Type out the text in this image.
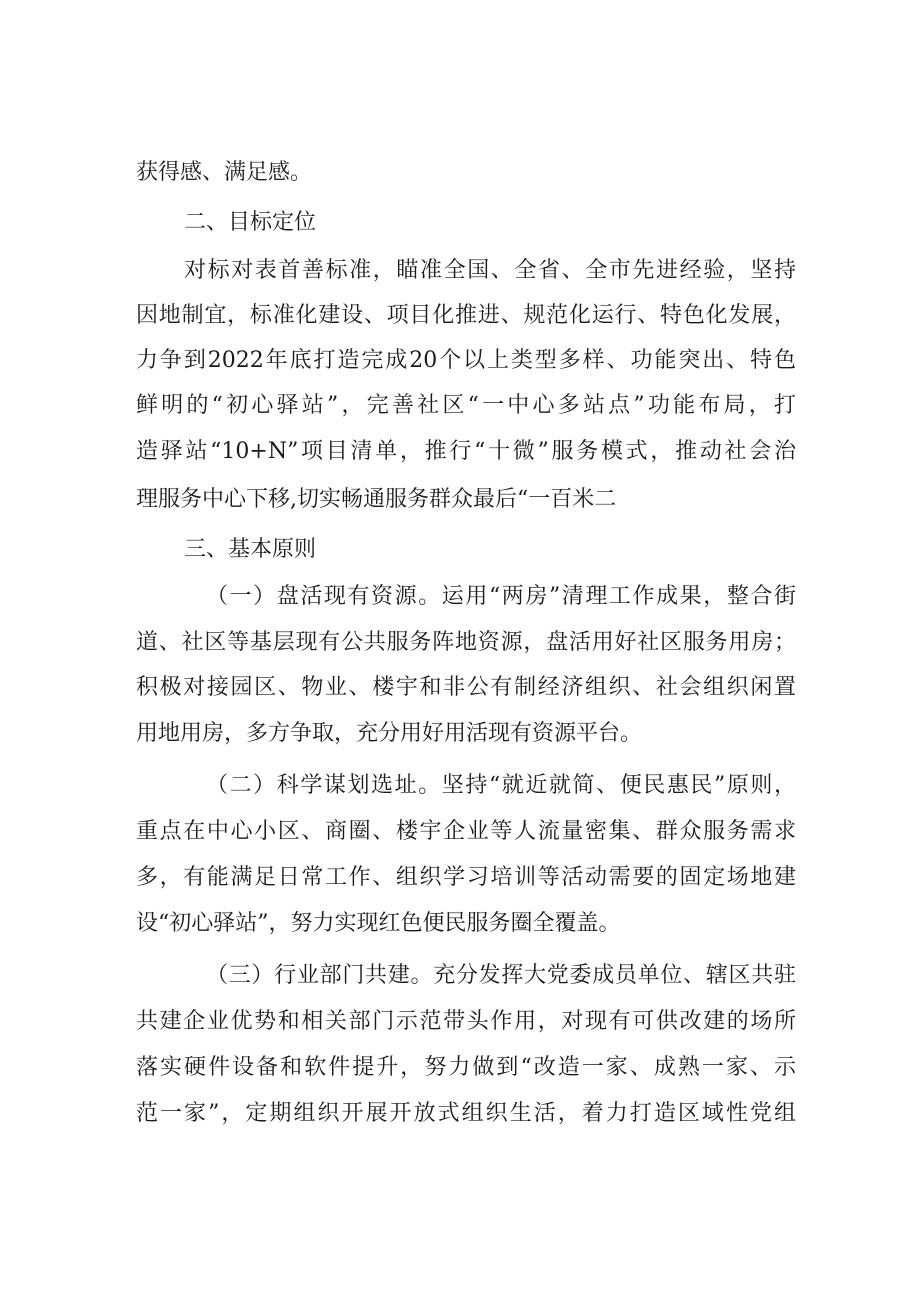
获得感、满足感。

二、目标定位

对标对表首善标准，瞄准全国、全省、全市先进经验，坚持

因地制宜，标准化建设、项目化推进、规范化运行、特色化发展，

力争到2022年底打造完成20个以上类型多样、功能突出、特色

鲜明的“初心驿站”，完善社区“一中心多站点”功能布局，打

造驿站“10+N”项目清单，推行“十微”服务模式，推动社会治

理服务中心下移,切实畅通服务群众最后“一百米二

三、基本原则

（一）盘活现有资源。运用“两房”清理工作成果，整合街

道、社区等基层现有公共服务阵地资源，盘活用好社区服务用房；

积极对接园区、物业、楼宇和非公有制经济组织、社会组织闲置

用地用房，多方争取，充分用好用活现有资源平台。

（二）科学谋划选址。坚持“就近就简、便民惠民”原则，

重点在中心小区、商圈、楼宇企业等人流量密集、群众服务需求

多，有能满足日常工作、组织学习培训等活动需要的固定场地建

设“初心驿站”，努力实现红色便民服务圈全覆盖。

（三）行业部门共建。充分发挥大党委成员单位、辖区共驻

共建企业优势和相关部门示范带头作用，对现有可供改建的场所

落实硬件设备和软件提升，努力做到“改造一家、成熟一家、示

范一家”，定期组织开展开放式组织生活，着力打造区域性党组
